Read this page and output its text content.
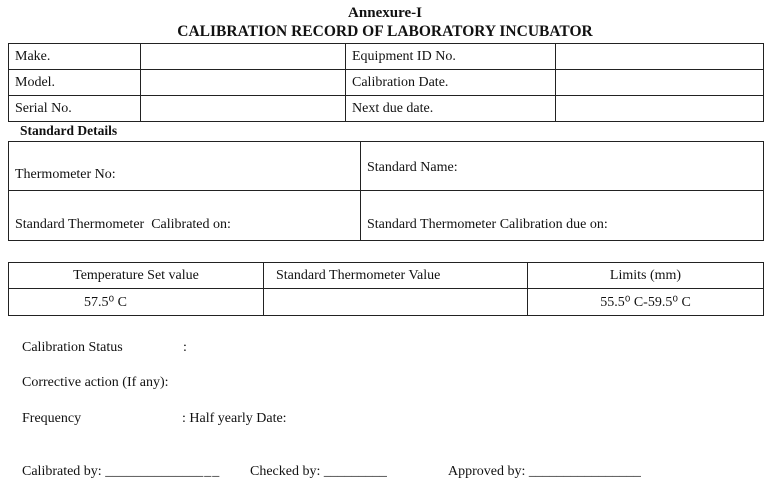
Annexure-I
CALIBRATION RECORD OF LABORATORY INCUBATOR
Make.		Equipment ID No.	
Model.		Calibration Date.	
Serial No.		Next due date.	
Standard Details
Thermometer No:	Standard Name:
Standard Thermometer  Calibrated on:	Standard Thermometer Calibration due on:
Temperature Set value	Standard Thermometer Value	Limits (mm)
57.5⁰ C		55.5⁰ C-59.5⁰ C
Calibration Status	:
Corrective action (If any):
Frequency	: Half yearly Date:
Calibrated by: ________________ Checked by: _________	Approved by: ________________
